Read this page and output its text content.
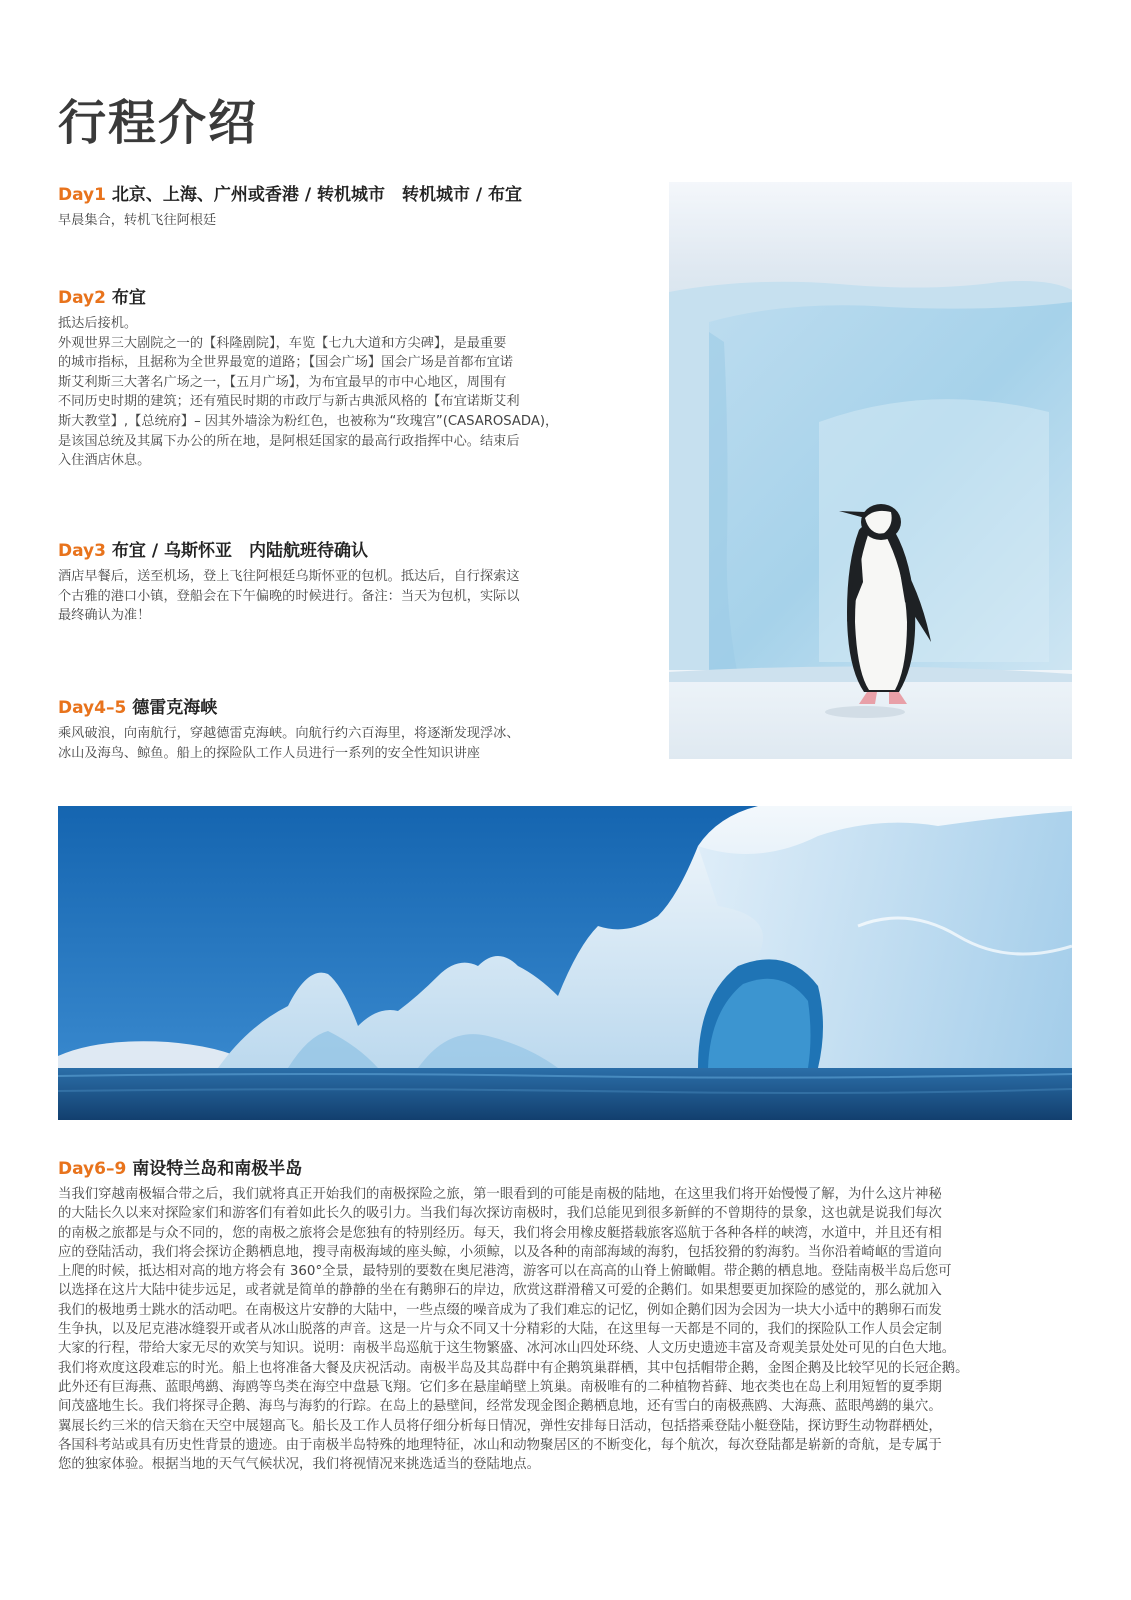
行程介绍
Day1 北京、上海、广州或香港 / 转机城市　转机城市 / 布宜

早晨集合，转机飞往阿根廷

Day2 布宜

抵达后接机。
外观世界三大剧院之一的【科隆剧院】，车览【七九大道和方尖碑】，是最重要
的城市指标，且据称为全世界最宽的道路；【国会广场】国会广场是首都布宜诺
斯艾利斯三大著名广场之一，【五月广场】，为布宜最早的市中心地区，周围有
不同历史时期的建筑；还有殖民时期的市政厅与新古典派风格的【布宜诺斯艾利
斯大教堂】,【总统府】– 因其外墙涂为粉红色，也被称为“玫瑰宫”(CASAROSADA)，
是该国总统及其属下办公的所在地，是阿根廷国家的最高行政指挥中心。结束后
入住酒店休息。

Day3 布宜 / 乌斯怀亚　内陆航班待确认

酒店早餐后，送至机场，登上飞往阿根廷乌斯怀亚的包机。抵达后，自行探索这
个古雅的港口小镇，登船会在下午偏晚的时候进行。备注：当天为包机，实际以
最终确认为准！

Day4–5 德雷克海峡

乘风破浪，向南航行，穿越德雷克海峡。向航行约六百海里，将逐渐发现浮冰、
冰山及海鸟、鲸鱼。船上的探险队工作人员进行一系列的安全性知识讲座

Day6–9 南设特兰岛和南极半岛

当我们穿越南极辐合带之后，我们就将真正开始我们的南极探险之旅，第一眼看到的可能是南极的陆地，在这里我们将开始慢慢了解，为什么这片神秘
的大陆长久以来对探险家们和游客们有着如此长久的吸引力。当我们每次探访南极时，我们总能见到很多新鲜的不曾期待的景象，这也就是说我们每次
的南极之旅都是与众不同的，您的南极之旅将会是您独有的特别经历。每天，我们将会用橡皮艇搭载旅客巡航于各种各样的峡湾，水道中，并且还有相
应的登陆活动，我们将会探访企鹅栖息地，搜寻南极海域的座头鲸，小须鲸，以及各种的南部海域的海豹，包括狡猾的豹海豹。当你沿着崎岖的雪道向
上爬的时候，抵达相对高的地方将会有 360°全景，最特别的要数在奥尼港湾，游客可以在高高的山脊上俯瞰帽。带企鹅的栖息地。登陆南极半岛后您可
以选择在这片大陆中徒步远足，或者就是简单的静静的坐在有鹅卵石的岸边，欣赏这群滑稽又可爱的企鹅们。如果想要更加探险的感觉的，那么就加入
我们的极地勇士跳水的活动吧。在南极这片安静的大陆中，一些点缀的噪音成为了我们难忘的记忆，例如企鹅们因为会因为一块大小适中的鹅卵石而发
生争执，以及尼克港冰缝裂开或者从冰山脱落的声音。这是一片与众不同又十分精彩的大陆，在这里每一天都是不同的，我们的探险队工作人员会定制
大家的行程，带给大家无尽的欢笑与知识。说明：南极半岛巡航于这生物繁盛、冰河冰山四处环绕、人文历史遗迹丰富及奇观美景处处可见的白色大地。
我们将欢度这段难忘的时光。船上也将准备大餐及庆祝活动。南极半岛及其岛群中有企鹅筑巢群栖，其中包括帽带企鹅，金图企鹅及比较罕见的长冠企鹅。
此外还有巨海燕、蓝眼鸬鹚、海鸥等鸟类在海空中盘悬飞翔。它们多在悬崖峭壁上筑巢。南极唯有的二种植物苔藓、地衣类也在岛上利用短暂的夏季期
间茂盛地生长。我们将探寻企鹅、海鸟与海豹的行踪。在岛上的悬壁间，经常发现金图企鹅栖息地，还有雪白的南极燕鸥、大海燕、蓝眼鸬鹚的巢穴。
翼展长约三米的信天翁在天空中展翅高飞。船长及工作人员将仔细分析每日情况，弹性安排每日活动，包括搭乘登陆小艇登陆，探访野生动物群栖处，
各国科考站或具有历史性背景的遗迹。由于南极半岛特殊的地理特征，冰山和动物聚居区的不断变化，每个航次，每次登陆都是崭新的奇航，是专属于
您的独家体验。根据当地的天气气候状况，我们将视情况来挑选适当的登陆地点。
